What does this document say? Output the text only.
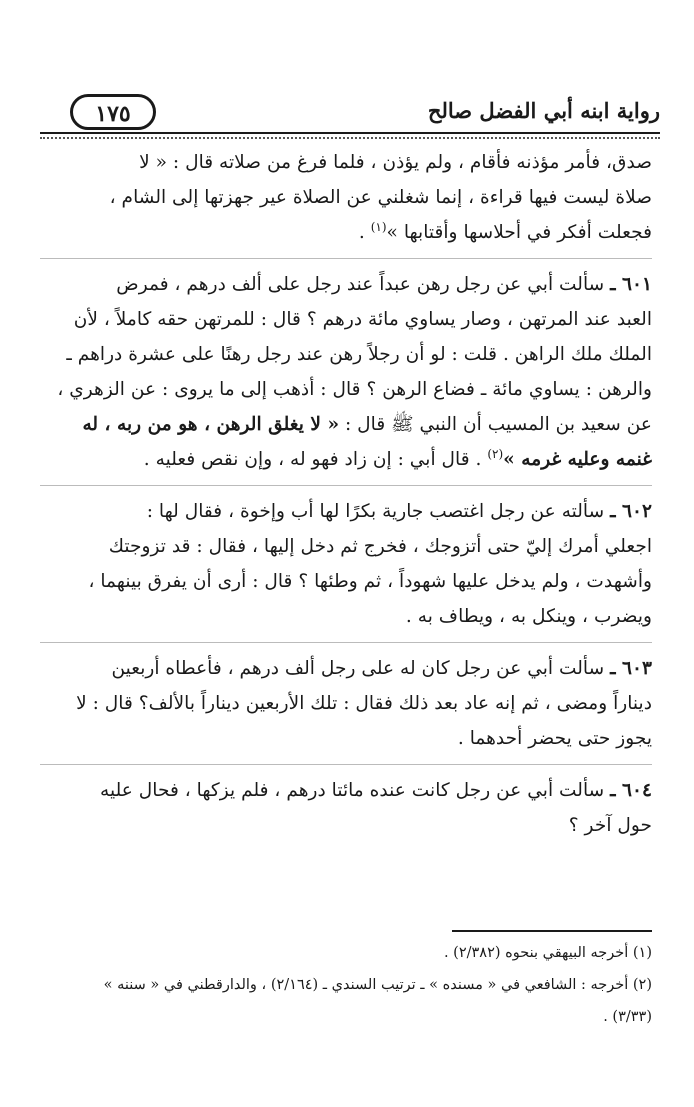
رواية ابنه أبي الفضل صالح
١٧٥

صدق، فأمر مؤذنه فأقام ، ولم يؤذن ، فلما فرغ من صلاته قال : « لا
صلاة ليست فيها قراءة ، إنما شغلني عن الصلاة عير جهزتها إلى الشام ،
فجعلت أفكر في أحلاسها وأقتابها »$^{(١)}$ .

٦٠١ ـ سألت أبي عن رجل رهن عبداً عند رجل على ألف درهم ، فمرض
العبد عند المرتهن ، وصار يساوي مائة درهم ؟ قال : للمرتهن حقه كاملاً ، لأن الملك ملك الراهن . قلت : لو أن رجلاً رهن عند رجل رهنًا على عشرة دراهم ـ والرهن : يساوي مائة ـ فضاع الرهن ؟ قال : أذهب إلى ما يروى : عن الزهري ، عن سعيد بن المسيب أن النبي ﷺ قال : « لا يغلق الرهن ، هو من ربه ، له غنمه وعليه غرمه »$^{(٢)}$ . قال أبي : إن زاد فهو له ، وإن نقص فعليه .
٦٠٢ ـ سألته عن رجل اغتصب جارية بكرًا لها أب وإخوة ، فقال لها :
اجعلي أمرك إليّ حتى أتزوجك ، فخرج ثم دخل إليها ، فقال : قد تزوجتك وأشهدت ، ولم يدخل عليها شهوداً ، ثم وطئها ؟ قال : أرى أن يفرق بينهما ، ويضرب ، وينكل به ، ويطاف به .
٦٠٣ ـ سألت أبي عن رجل كان له على رجل ألف درهم ، فأعطاه أربعين
ديناراً ومضى ، ثم إنه عاد بعد ذلك فقال : تلك الأربعين ديناراً بالألف؟ قال : لا يجوز حتى يحضر أحدهما .
٦٠٤ ـ سألت أبي عن رجل كانت عنده مائتا درهم ، فلم يزكها ، فحال عليه
حول آخر ؟

(١) أخرجه البيهقي بنحوه (٢/٣٨٢) .

(٢) أخرجه : الشافعي في « مسنده » ـ ترتيب السندي ـ (٢/١٦٤) ، والدارقطني في « سننه »

(٣/٣٣) .
